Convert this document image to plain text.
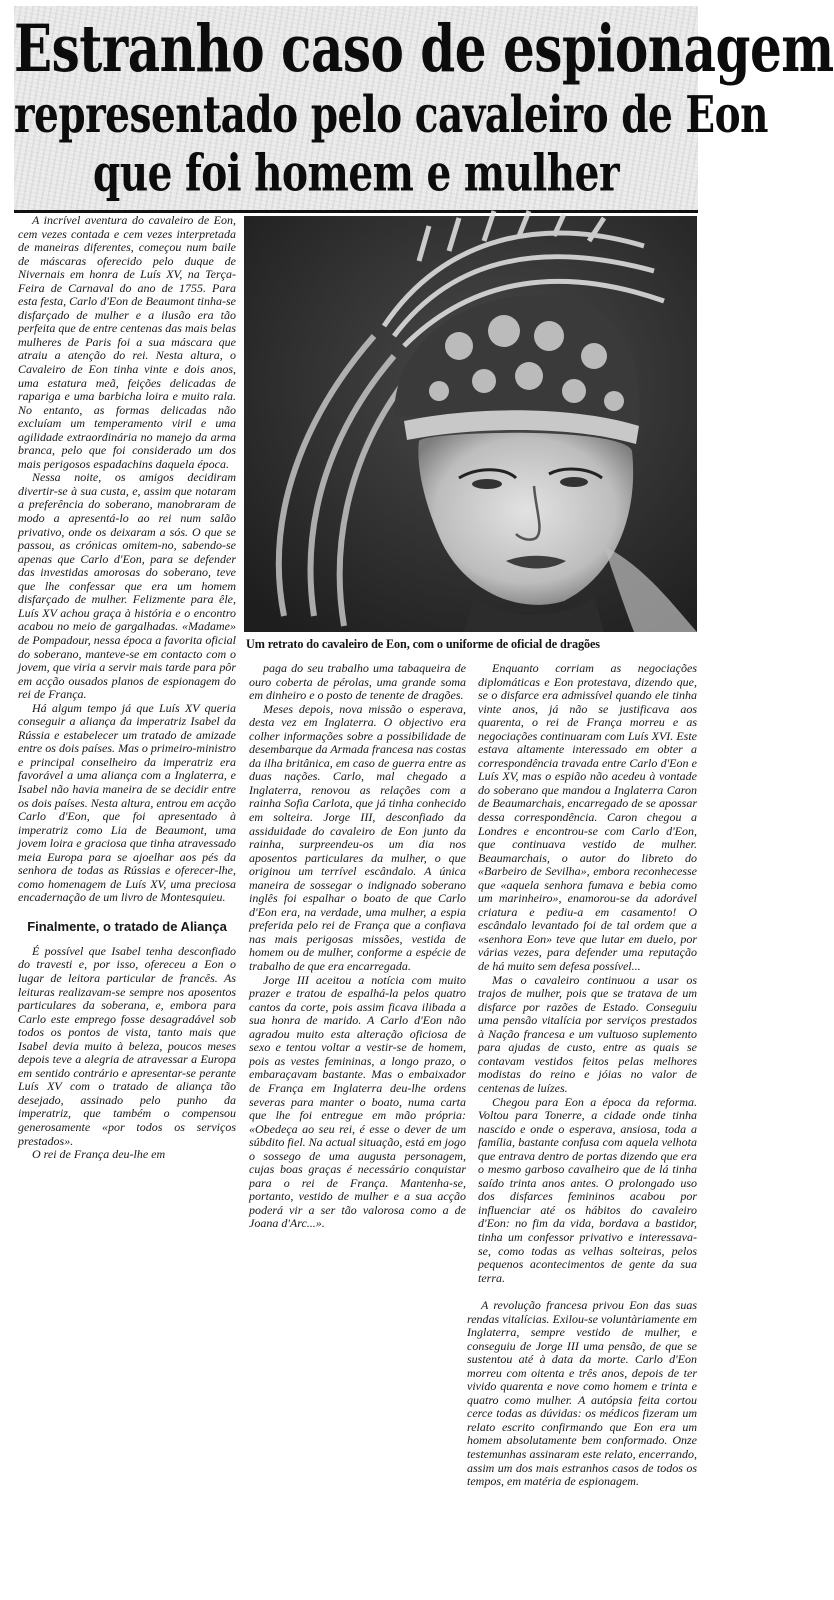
Estranho caso de espionagem
representado pelo cavaleiro de Eon
que foi homem e mulher

A incrível aventura do cavaleiro de Eon, cem vezes contada e cem vezes interpretada de maneiras diferentes, começou num baile de máscaras oferecido pelo duque de Nivernais em honra de Luís XV, na Terça-Feira de Carnaval do ano de 1755. Para esta festa, Carlo d'Eon de Beaumont tinha-se disfarçado de mulher e a ilusão era tão perfeita que de entre centenas das mais belas mulheres de Paris foi a sua máscara que atraiu a atenção do rei. Nesta altura, o Cavaleiro de Eon tinha vinte e dois anos, uma estatura meã, feições delicadas de rapariga e uma barbicha loira e muito rala. No entanto, as formas delicadas não excluíam um temperamento viril e uma agilidade extraordinária no manejo da arma branca, pelo que foi considerado um dos mais perigosos espadachins daquela época.

Nessa noite, os amigos decidiram divertir-se à sua custa, e, assim que notaram a preferência do soberano, manobraram de modo a apresentá-lo ao rei num salão privativo, onde os deixaram a sós. O que se passou, as crónicas omitem-no, sabendo-se apenas que Carlo d'Eon, para se defender das investidas amorosas do soberano, teve que lhe confessar que era um homem disfarçado de mulher. Felizmente para êle, Luís XV achou graça à história e o encontro acabou no meio de gargalhadas. «Madame» de Pompadour, nessa época a favorita oficial do soberano, manteve-se em contacto com o jovem, que viria a servir mais tarde para pôr em acção ousados planos de espionagem do rei de França.

Há algum tempo já que Luís XV queria conseguir a aliança da imperatriz Isabel da Rússia e estabelecer um tratado de amizade entre os dois países. Mas o primeiro-ministro e principal conselheiro da imperatriz era favorável a uma aliança com a Inglaterra, e Isabel não havia maneira de se decidir entre os dois países. Nesta altura, entrou em acção Carlo d'Eon, que foi apresentado à imperatriz como Lia de Beaumont, uma jovem loira e graciosa que tinha atravessado meia Europa para se ajoelhar aos pés da senhora de todas as Rússias e oferecer-lhe, como homenagem de Luís XV, uma preciosa encadernação de um livro de Montesquieu.

Finalmente, o tratado de Aliança

É possível que Isabel tenha desconfiado do travesti e, por isso, ofereceu a Eon o lugar de leitora particular de francês. As leituras realizavam-se sempre nos aposentos particulares da soberana, e, embora para Carlo este emprego fosse desagradável sob todos os pontos de vista, tanto mais que Isabel devia muito à beleza, poucos meses depois teve a alegria de atravessar a Europa em sentido contrário e apresentar-se perante Luís XV com o tratado de aliança tão desejado, assinado pelo punho da imperatriz, que também o compensou generosamente «por todos os serviços prestados».

O rei de França deu-lhe em

Um retrato do cavaleiro de Eon, com o uniforme de oficial de dragões

paga do seu trabalho uma tabaqueira de ouro coberta de pérolas, uma grande soma em dinheiro e o posto de tenente de dragões.

Meses depois, nova missão o esperava, desta vez em Inglaterra. O objectivo era colher informações sobre a possibilidade de desembarque da Armada francesa nas costas da ilha britânica, em caso de guerra entre as duas nações. Carlo, mal chegado a Inglaterra, renovou as relações com a rainha Sofia Carlota, que já tinha conhecido em solteira. Jorge III, desconfiado da assiduidade do cavaleiro de Eon junto da rainha, surpreendeu-os um dia nos aposentos particulares da mulher, o que originou um terrível escândalo. A única maneira de sossegar o indignado soberano inglês foi espalhar o boato de que Carlo d'Eon era, na verdade, uma mulher, a espia preferida pelo rei de França que a confiava nas mais perigosas missões, vestida de homem ou de mulher, conforme a espécie de trabalho de que era encarregada.

Jorge III aceitou a notícia com muito prazer e tratou de espalhá-la pelos quatro cantos da corte, pois assim ficava ilibada a sua honra de marido. A Carlo d'Eon não agradou muito esta alteração oficiosa de sexo e tentou voltar a vestir-se de homem, pois as vestes femininas, a longo prazo, o embaraçavam bastante. Mas o embaixador de França em Inglaterra deu-lhe ordens severas para manter o boato, numa carta que lhe foi entregue em mão própria: «Obedeça ao seu rei, é esse o dever de um súbdito fiel. Na actual situação, está em jogo o sossego de uma augusta personagem, cujas boas graças é necessário conquistar para o rei de França. Mantenha-se, portanto, vestido de mulher e a sua acção poderá vir a ser tão valorosa como a de Joana d'Arc...».

Enquanto corriam as negociações diplomáticas e Eon protestava, dizendo que, se o disfarce era admissível quando ele tinha vinte anos, já não se justificava aos quarenta, o rei de França morreu e as negociações continuaram com Luís XVI. Este estava altamente interessado em obter a correspondência travada entre Carlo d'Eon e Luís XV, mas o espião não acedeu à vontade do soberano que mandou a Inglaterra Caron de Beaumarchais, encarregado de se apossar dessa correspondência. Caron chegou a Londres e encontrou-se com Carlo d'Eon, que continuava vestido de mulher. Beaumarchais, o autor do libreto do «Barbeiro de Sevilha», embora reconhecesse que «aquela senhora fumava e bebia como um marinheiro», enamorou-se da adorável criatura e pediu-a em casamento! O escândalo levantado foi de tal ordem que a «senhora Eon» teve que lutar em duelo, por várias vezes, para defender uma reputação de há muito sem defesa possível...

Mas o cavaleiro continuou a usar os trajos de mulher, pois que se tratava de um disfarce por razões de Estado. Conseguiu uma pensão vitalícia por serviços prestados à Nação francesa e um vultuoso suplemento para ajudas de custo, entre as quais se contavam vestidos feitos pelas melhores modistas do reino e jóias no valor de centenas de luízes.

Chegou para Eon a época da reforma. Voltou para Tonerre, a cidade onde tinha nascido e onde o esperava, ansiosa, toda a família, bastante confusa com aquela velhota que entrava dentro de portas dizendo que era o mesmo garboso cavalheiro que de lá tinha saído trinta anos antes. O prolongado uso dos disfarces femininos acabou por influenciar até os hábitos do cavaleiro d'Eon: no fim da vida, bordava a bastidor, tinha um confessor privativo e interessava-se, como todas as velhas solteiras, pelos pequenos acontecimentos de gente da sua terra.

A revolução francesa privou Eon das suas rendas vitalícias. Exilou-se voluntàriamente em Inglaterra, sempre vestido de mulher, e conseguiu de Jorge III uma pensão, de que se sustentou até à data da morte. Carlo d'Eon morreu com oitenta e três anos, depois de ter vivido quarenta e nove como homem e trinta e quatro como mulher. A autópsia feita cortou cerce todas as dúvidas: os médicos fizeram um relato escrito confirmando que Eon era um homem absolutamente bem conformado. Onze testemunhas assinaram este relato, encerrando, assim um dos mais estranhos casos de todos os tempos, em matéria de espionagem.
